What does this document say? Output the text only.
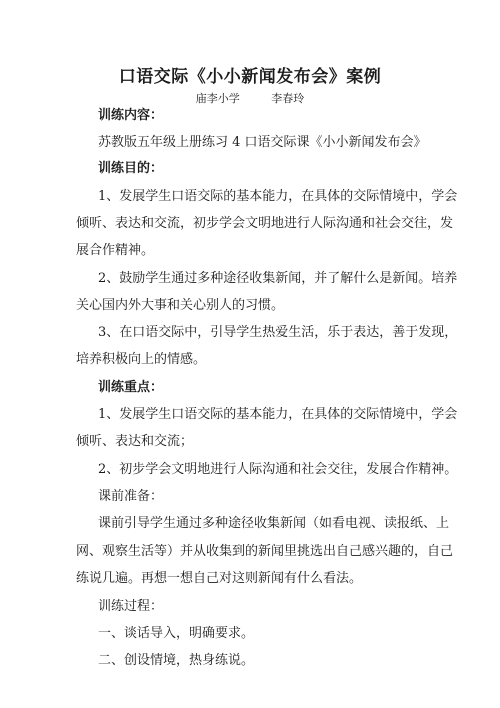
口语交际《小小新闻发布会》案例
庙李小学	李春玲
训练内容：
苏教版五年级上册练习 4 口语交际课《小小新闻发布会》
训练目的：
1、发展学生口语交际的基本能力，在具体的交际情境中，学会
倾听、表达和交流，初步学会文明地进行人际沟通和社会交往，发
展合作精神。
2、鼓励学生通过多种途径收集新闻，并了解什么是新闻。培养
关心国内外大事和关心别人的习惯。
3、在口语交际中，引导学生热爱生活，乐于表达，善于发现，
培养积极向上的情感。
训练重点：
1、发展学生口语交际的基本能力，在具体的交际情境中，学会
倾听、表达和交流；
2、初步学会文明地进行人际沟通和社会交往，发展合作精神。
课前准备：
课前引导学生通过多种途径收集新闻（如看电视、读报纸、上
网、观察生活等）并从收集到的新闻里挑选出自己感兴趣的，自己
练说几遍。再想一想自己对这则新闻有什么看法。
训练过程：
一、谈话导入，明确要求。
二、创设情境，热身练说。
